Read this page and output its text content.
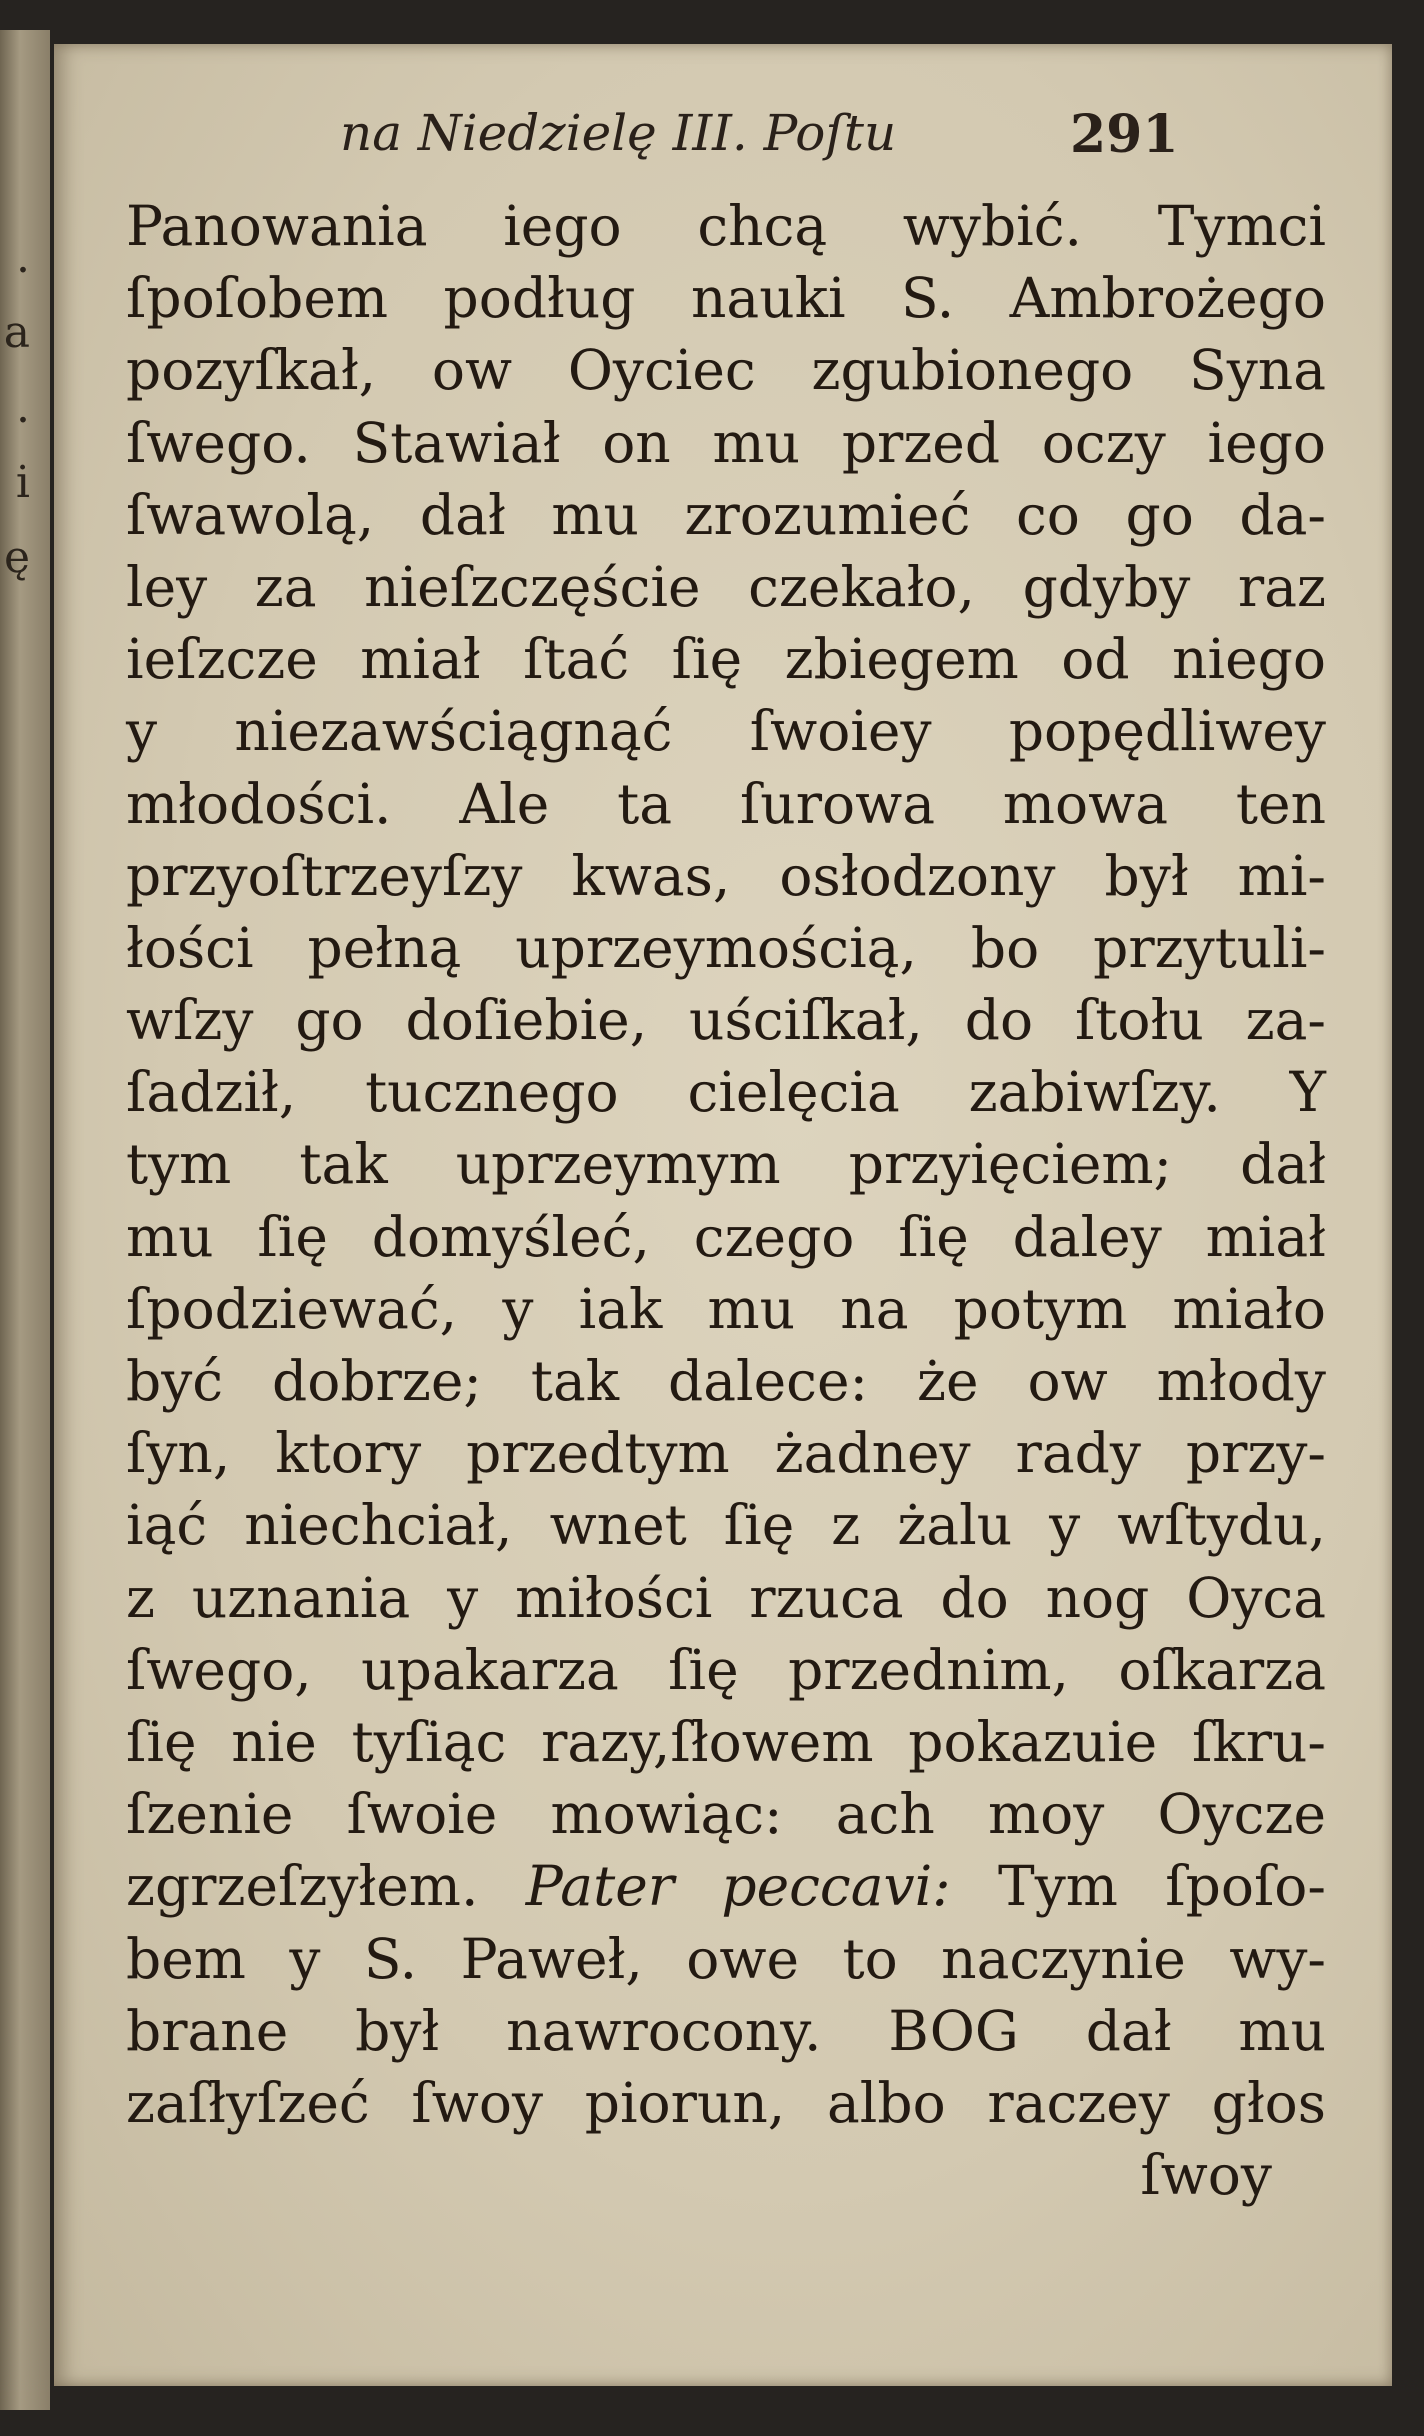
.
a
.
i
ę
na Niedzielę III. Poſtu	291
Panowania iego chcą wybić. Tymci
ſpoſobem podług nauki S. Ambrożego
pozyſkał, ow Oyciec zgubionego Syna
ſwego. Stawiał on mu przed oczy iego
ſwawolą, dał mu zrozumieć co go da-
ley za nieſzczęście czekało, gdyby raz
ieſzcze miał ſtać ſię zbiegem od niego
y niezawściągnąć ſwoiey popędliwey
młodości. Ale ta ſurowa mowa ten
przyoſtrzeyſzy kwas, osłodzony był mi-
łości pełną uprzeymością, bo przytuli-
wſzy go doſiebie, uściſkał, do ſtołu za-
ſadził, tucznego cielęcia zabiwſzy. Y
tym tak uprzeymym przyięciem; dał
mu ſię domyśleć, czego ſię daley miał
ſpodziewać, y iak mu na potym miało
być dobrze; tak dalece: że ow młody
ſyn, ktory przedtym żadney rady przy-
iąć niechciał, wnet ſię z żalu y wſtydu,
z uznania y miłości rzuca do nog Oyca
ſwego, upakarza ſię przednim, oſkarza
ſię nie tyſiąc razy,ſłowem pokazuie ſkru-
ſzenie ſwoie mowiąc: ach moy Oycze
zgrzeſzyłem. Pater peccavi: Tym ſpoſo-
bem y S. Paweł, owe to naczynie wy-
brane był nawrocony. BOG dał mu
zaſłyſzeć ſwoy piorun, albo raczey głos
ſwoy
